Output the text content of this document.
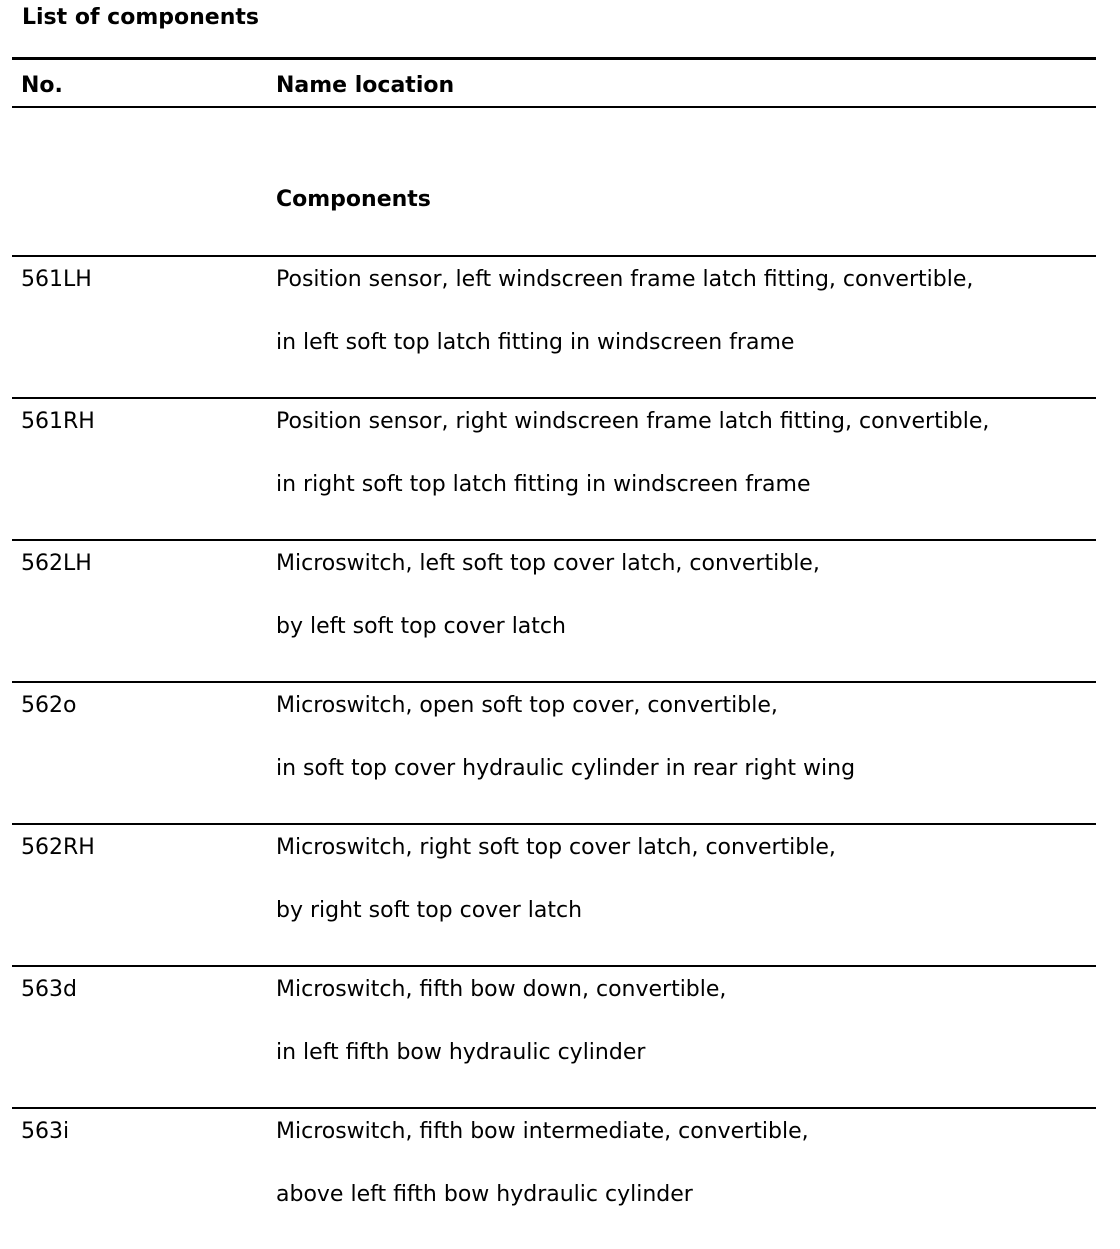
List of components
No.	Name location
Components
561LH	Position sensor, left windscreen frame latch fitting, convertible,
in left soft top latch fitting in windscreen frame
561RH	Position sensor, right windscreen frame latch fitting, convertible,
in right soft top latch fitting in windscreen frame
562LH	Microswitch, left soft top cover latch, convertible,
by left soft top cover latch
562o	Microswitch, open soft top cover, convertible,
in soft top cover hydraulic cylinder in rear right wing
562RH	Microswitch, right soft top cover latch, convertible,
by right soft top cover latch
563d	Microswitch, fifth bow down, convertible,
in left fifth bow hydraulic cylinder
563i	Microswitch, fifth bow intermediate, convertible,
above left fifth bow hydraulic cylinder
